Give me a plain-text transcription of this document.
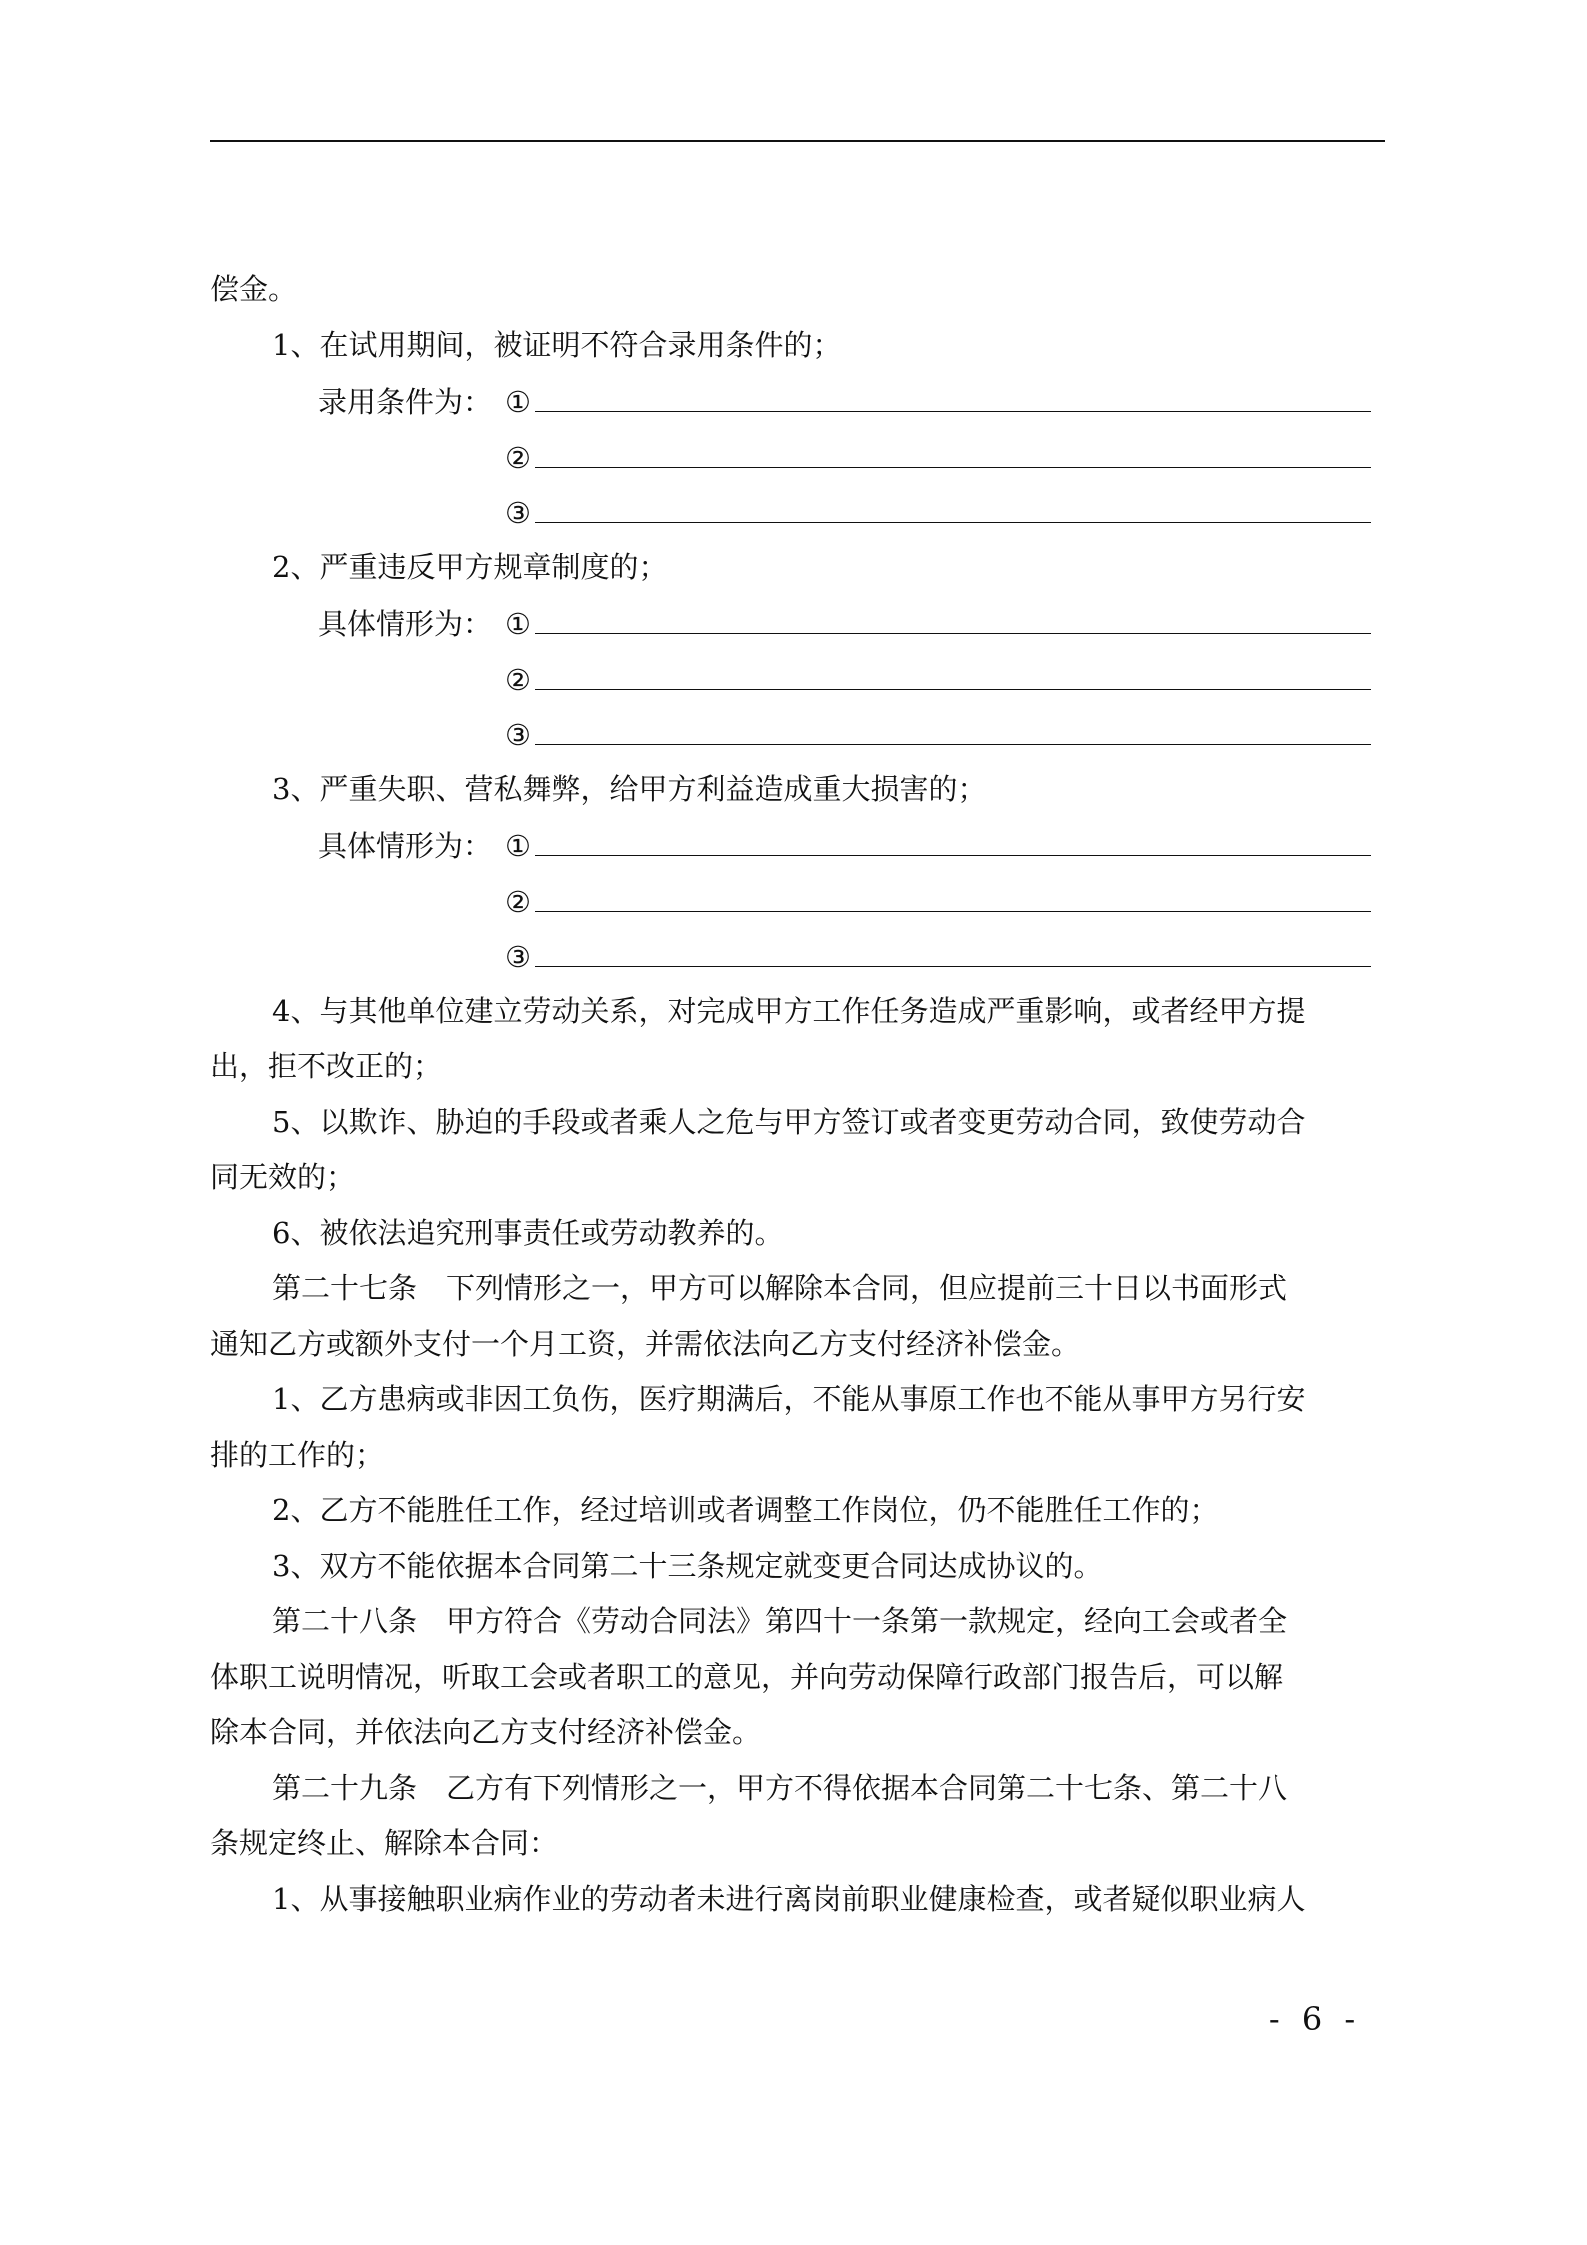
偿金。
1、在试用期间，被证明不符合录用条件的；
录用条件为： ①
②
③
2、严重违反甲方规章制度的；
具体情形为： ①
②
③
3、严重失职、营私舞弊，给甲方利益造成重大损害的；
具体情形为： ①
②
③
4、与其他单位建立劳动关系，对完成甲方工作任务造成严重影响，或者经甲方提
出，拒不改正的；
5、以欺诈、胁迫的手段或者乘人之危与甲方签订或者变更劳动合同，致使劳动合
同无效的；
6、被依法追究刑事责任或劳动教养的。
第二十七条　下列情形之一，甲方可以解除本合同，但应提前三十日以书面形式
通知乙方或额外支付一个月工资，并需依法向乙方支付经济补偿金。
1、乙方患病或非因工负伤，医疗期满后，不能从事原工作也不能从事甲方另行安
排的工作的；
2、乙方不能胜任工作，经过培训或者调整工作岗位，仍不能胜任工作的；
3、双方不能依据本合同第二十三条规定就变更合同达成协议的。
第二十八条　甲方符合《劳动合同法》第四十一条第一款规定，经向工会或者全
体职工说明情况，听取工会或者职工的意见，并向劳动保障行政部门报告后，可以解
除本合同，并依法向乙方支付经济补偿金。
第二十九条　乙方有下列情形之一，甲方不得依据本合同第二十七条、第二十八
条规定终止、解除本合同：
1、从事接触职业病作业的劳动者未进行离岗前职业健康检查，或者疑似职业病人
- 6 -
